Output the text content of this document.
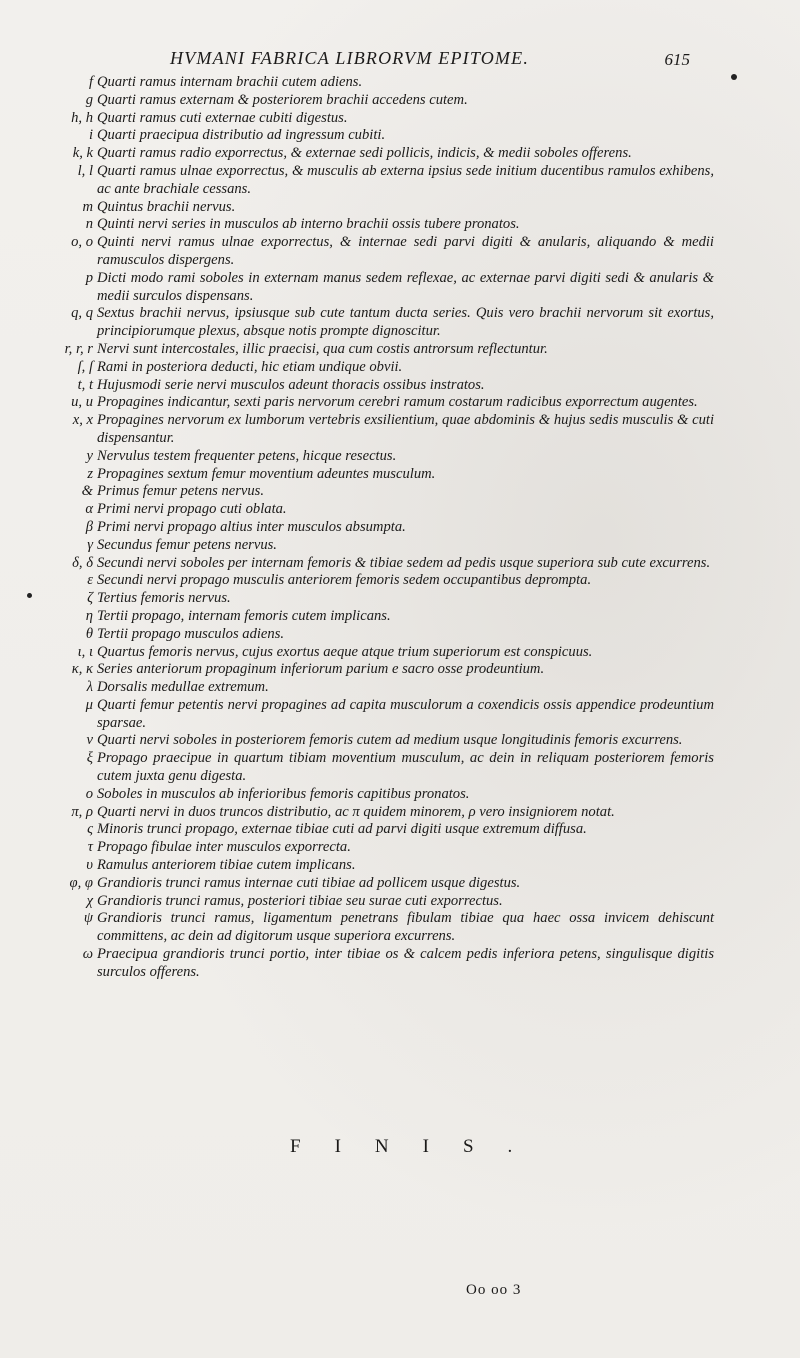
HVMANI FABRICA LIBRORVM EPITOME.	615
f Quarti ramus internam brachii cutem adiens.
g Quarti ramus externam & posteriorem brachii accedens cutem.
h, h Quarti ramus cuti externae cubiti digestus.
i Quarti praecipua distributio ad ingressum cubiti.
k, k Quarti ramus radio exporrectus, & externae sedi pollicis, indicis, & medii soboles offerens.
l, l Quarti ramus ulnae exporrectus, & musculis ab externa ipsius sede initium ducentibus ramulos exhibens, ac ante brachiale cessans.
m Quintus brachii nervus.
n Quinti nervi series in musculos ab interno brachii ossis tubere pronatos.
o, o Quinti nervi ramus ulnae exporrectus, & internae sedi parvi digiti & anularis, aliquando & medii ramusculos dispergens.
p Dicti modo rami soboles in externam manus sedem reflexae, ac externae parvi digiti sedi & anularis & medii surculos dispensans.
q, q Sextus brachii nervus, ipsiusque sub cute tantum ducta series. Quis vero brachii nervorum sit exortus, principiorumque plexus, absque notis prompte dignoscitur.
r, r, r Nervi sunt intercostales, illic praecisi, qua cum costis antrorsum reflectuntur.
ſ, ſ Rami in posteriora deducti, hic etiam undique obvii.
t, t Hujusmodi serie nervi musculos adeunt thoracis ossibus instratos.
u, u Propagines indicantur, sexti paris nervorum cerebri ramum costarum radicibus exporrectum augentes.
x, x Propagines nervorum ex lumborum vertebris exsilientium, quae abdominis & hujus sedis musculis & cuti dispensantur.
y Nervulus testem frequenter petens, hicque resectus.
z Propagines sextum femur moventium adeuntes musculum.
& Primus femur petens nervus.
α Primi nervi propago cuti oblata.
β Primi nervi propago altius inter musculos absumpta.
γ Secundus femur petens nervus.
δ, δ Secundi nervi soboles per internam femoris & tibiae sedem ad pedis usque superiora sub cute excurrens.
ε Secundi nervi propago musculis anteriorem femoris sedem occupantibus deprompta.
ζ Tertius femoris nervus.
η Tertii propago, internam femoris cutem implicans.
θ Tertii propago musculos adiens.
ι, ι Quartus femoris nervus, cujus exortus aeque atque trium superiorum est conspicuus.
κ, κ Series anteriorum propaginum inferiorum parium e sacro osse prodeuntium.
λ Dorsalis medullae extremum.
μ Quarti femur petentis nervi propagines ad capita musculorum a coxendicis ossis appendice prodeuntium sparsae.
ν Quarti nervi soboles in posteriorem femoris cutem ad medium usque longitudinis femoris excurrens.
ξ Propago praecipue in quartum tibiam moventium musculum, ac dein in reliquam posteriorem femoris cutem juxta genu digesta.
ο Soboles in musculos ab inferioribus femoris capitibus pronatos.
π, ρ Quarti nervi in duos truncos distributio, ac π quidem minorem, ρ vero insigniorem notat.
ς Minoris trunci propago, externae tibiae cuti ad parvi digiti usque extremum diffusa.
τ Propago fibulae inter musculos exporrecta.
υ Ramulus anteriorem tibiae cutem implicans.
φ, φ Grandioris trunci ramus internae cuti tibiae ad pollicem usque digestus.
χ Grandioris trunci ramus, posteriori tibiae seu surae cuti exporrectus.
ψ Grandioris trunci ramus, ligamentum penetrans fibulam tibiae qua haec ossa invicem dehiscunt committens, ac dein ad digitorum usque superiora excurrens.
ω Praecipua grandioris trunci portio, inter tibiae os & calcem pedis inferiora petens, singulisque digitis surculos offerens.
FINIS.
Oo oo 3
